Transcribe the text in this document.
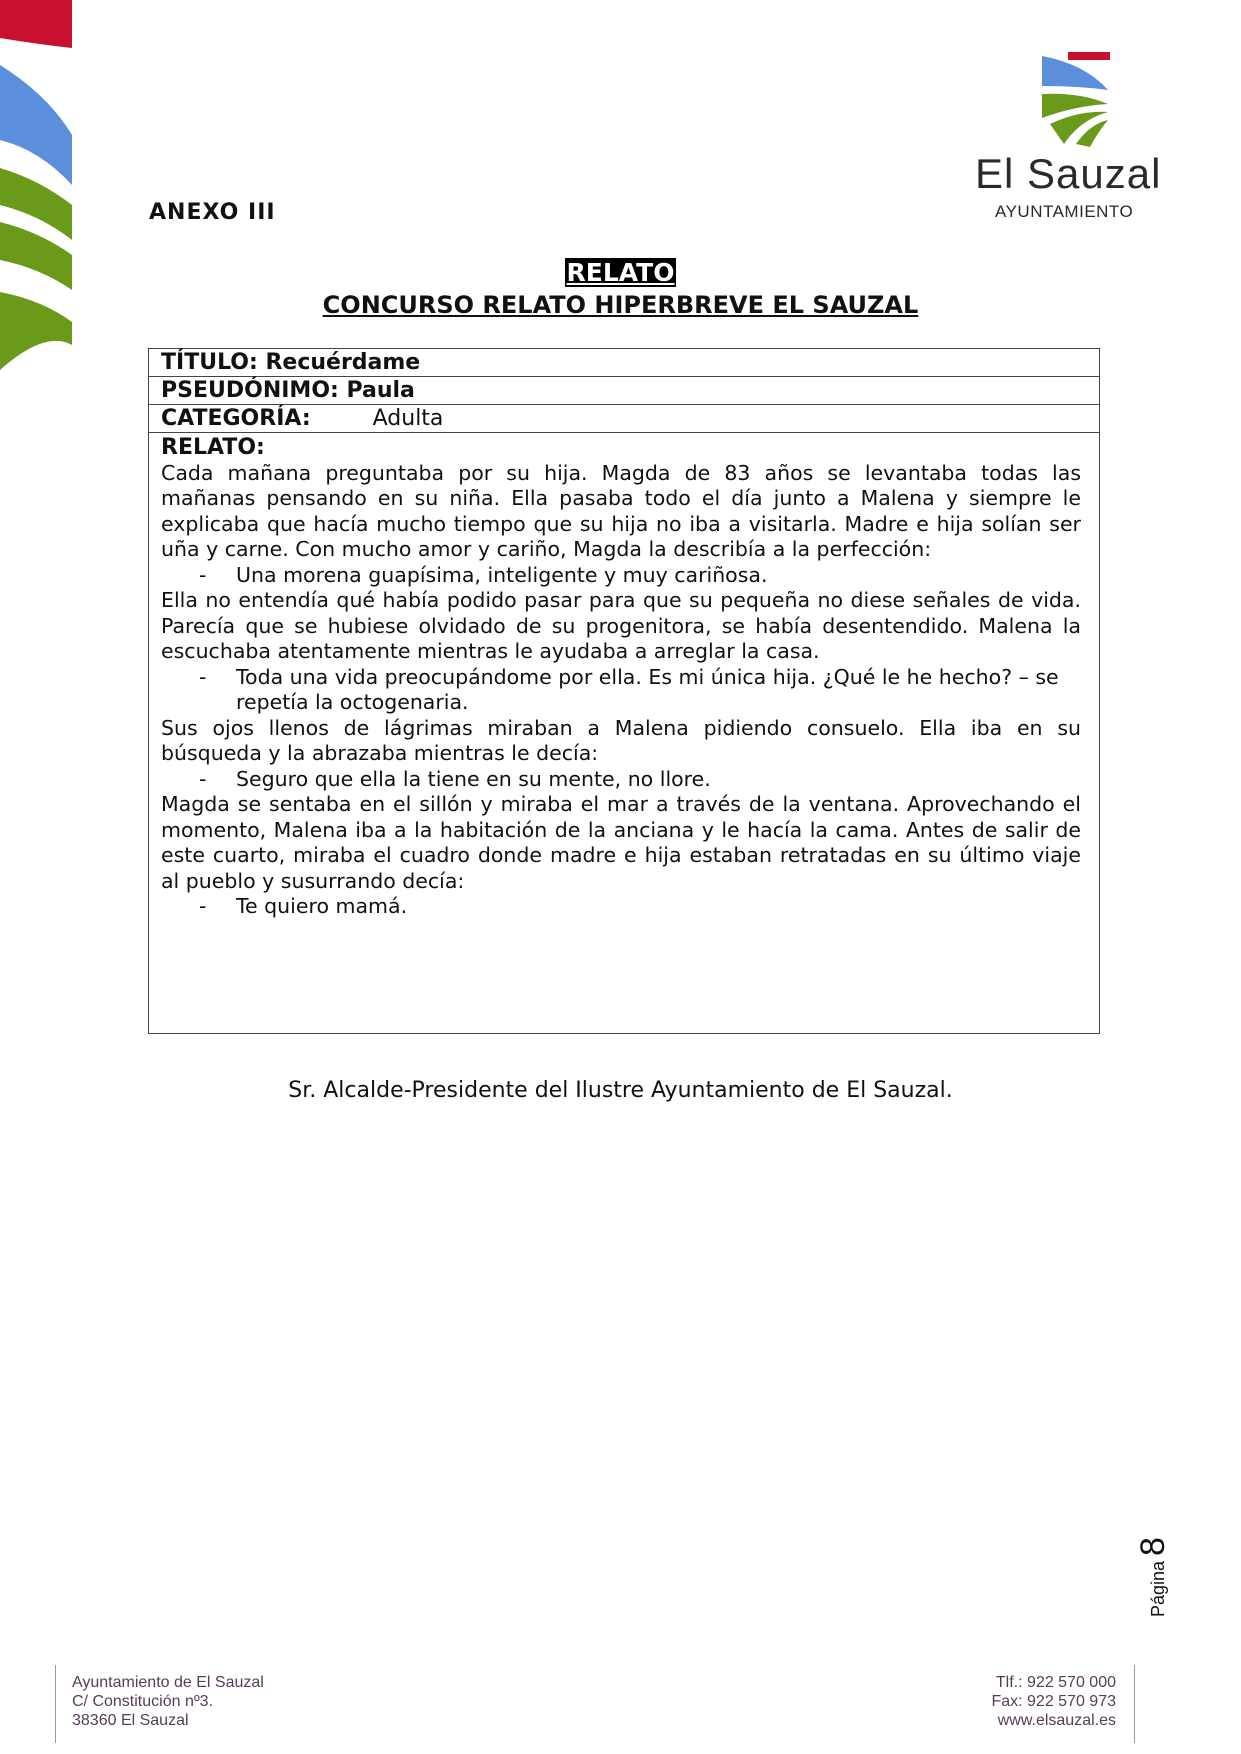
El Sauzal
AYUNTAMIENTO
ANEXO III
RELATO
CONCURSO RELATO HIPERBREVE EL SAUZAL
TÍTULO: Recuérdame
PSEUDÓNIMO: Paula
CATEGORÍA:	Adulta
RELATO:

Cada mañana preguntaba por su hija. Magda de 83 años se levantaba todas las mañanas pensando en su niña. Ella pasaba todo el día junto a Malena y siempre le explicaba que hacía mucho tiempo que su hija no iba a visitarla. Madre e hija solían ser uña y carne. Con mucho amor y cariño, Magda la describía a la perfección:

- Una morena guapísima, inteligente y muy cariñosa.

Ella no entendía qué había podido pasar para que su pequeña no diese señales de vida. Parecía que se hubiese olvidado de su progenitora, se había desentendido. Malena la escuchaba atentamente mientras le ayudaba a arreglar la casa.

- Toda una vida preocupándome por ella. Es mi única hija. ¿Qué le he hecho? – se repetía la octogenaria.

Sus ojos llenos de lágrimas miraban a Malena pidiendo consuelo. Ella iba en su búsqueda y la abrazaba mientras le decía:

- Seguro que ella la tiene en su mente, no llore.

Magda se sentaba en el sillón y miraba el mar a través de la ventana. Aprovechando el momento, Malena iba a la habitación de la anciana y le hacía la cama. Antes de salir de este cuarto, miraba el cuadro donde madre e hija estaban retratadas en su último viaje al pueblo y susurrando decía:

- Te quiero mamá.

Sr. Alcalde-Presidente del Ilustre Ayuntamiento de El Sauzal.
Página
8
Ayuntamiento de El Sauzal
C/ Constitución nº3.
38360 El Sauzal
Tlf.: 922 570 000
Fax: 922 570 973
www.elsauzal.es
